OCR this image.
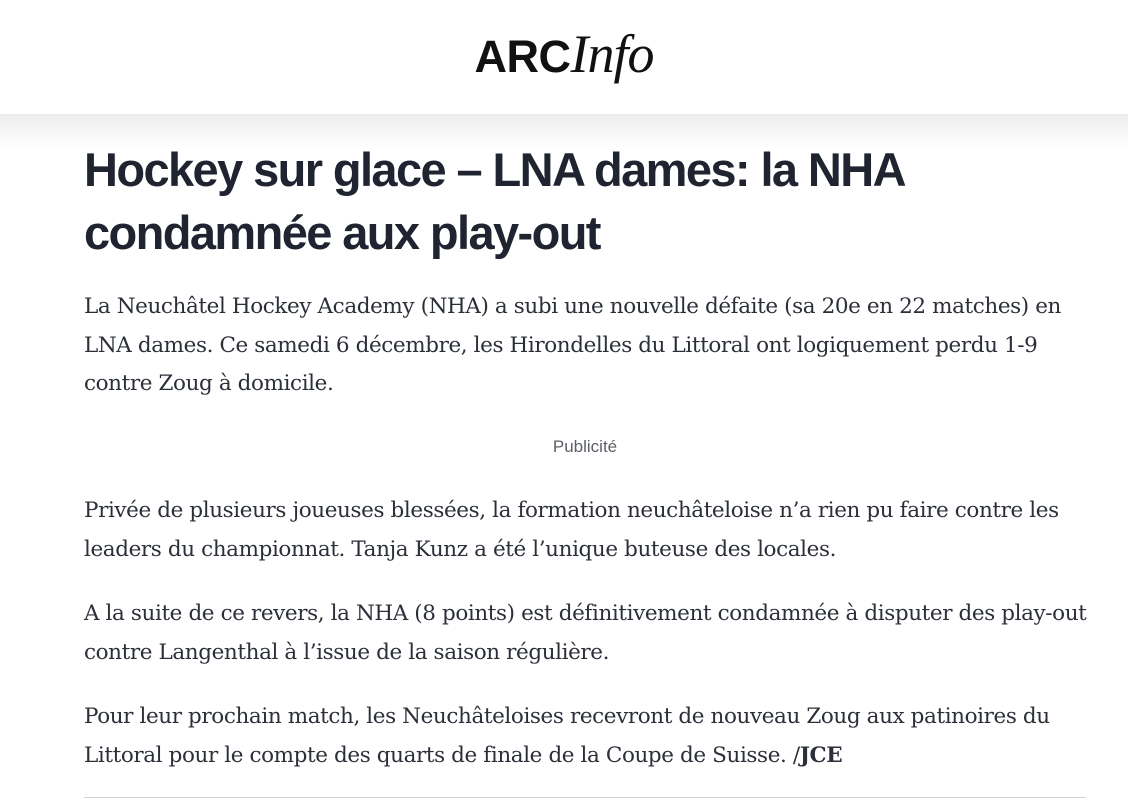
ARCInfo
Hockey sur glace – LNA dames: la NHA condamnée aux play-out

La Neuchâtel Hockey Academy (NHA) a subi une nouvelle défaite (sa 20e en 22 matches) en LNA dames. Ce samedi 6 décembre, les Hirondelles du Littoral ont logiquement perdu 1-9 contre Zoug à domicile.

Publicité

Privée de plusieurs joueuses blessées, la formation neuchâteloise n’a rien pu faire contre les leaders du championnat. Tanja Kunz a été l’unique buteuse des locales.

A la suite de ce revers, la NHA (8 points) est définitivement condamnée à disputer des play-out contre Langenthal à l’issue de la saison régulière.

Pour leur prochain match, les Neuchâteloises recevront de nouveau Zoug aux patinoires du Littoral pour le compte des quarts de finale de la Coupe de Suisse. /JCE
